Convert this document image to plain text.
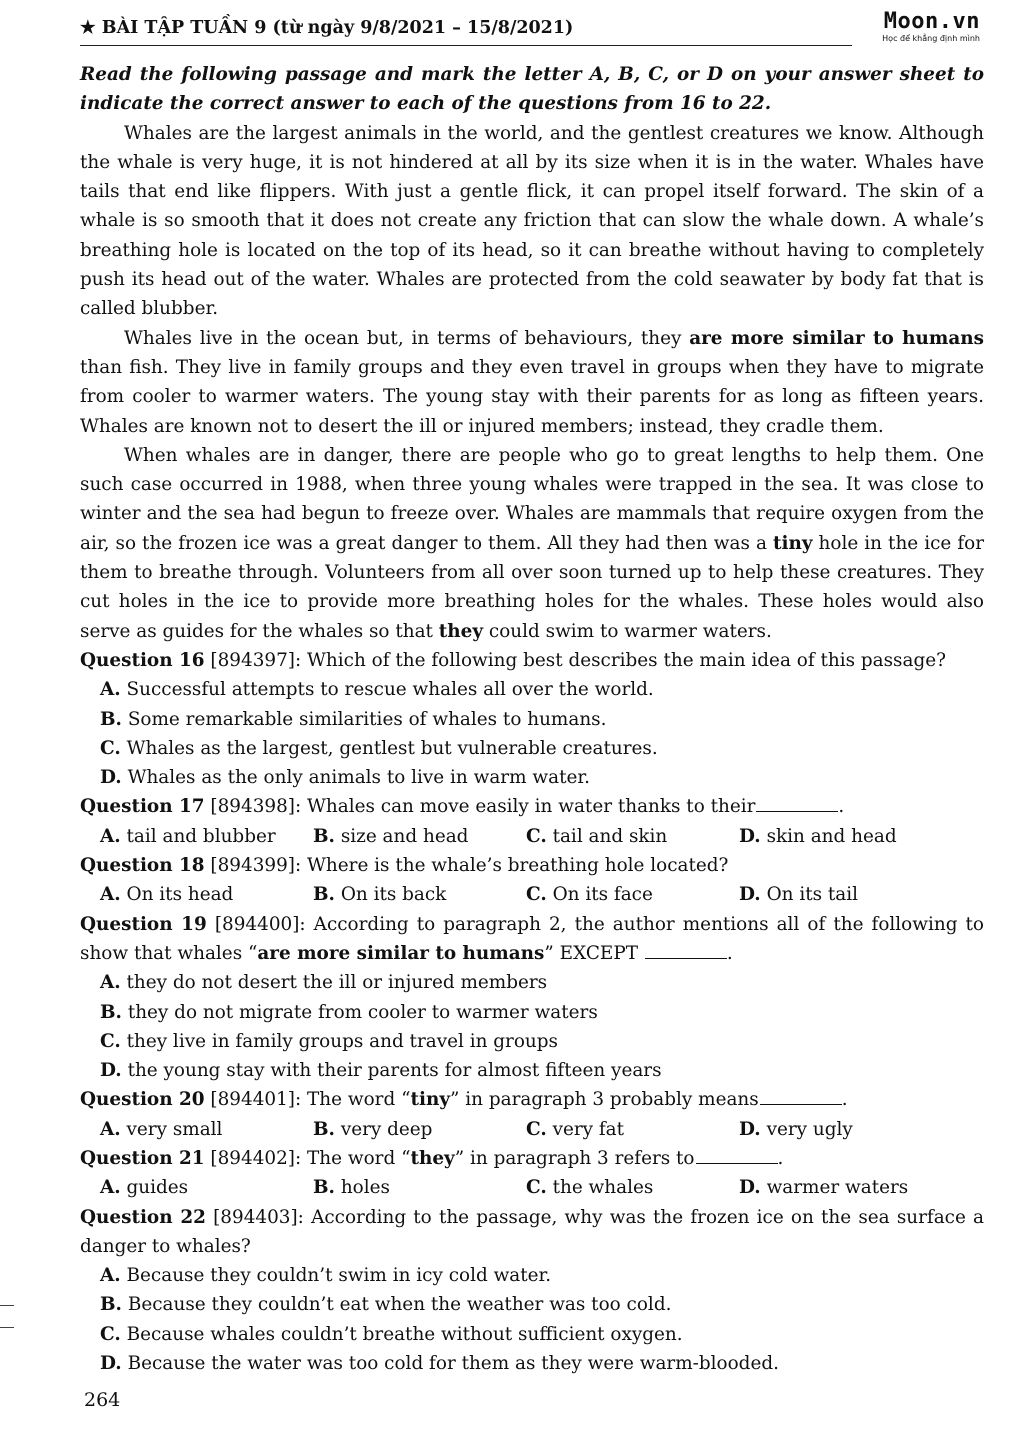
★ BÀI TẬP TUẦN 9 (từ ngày 9/8/2021 – 15/8/2021)	Moon.vn
Học để khẳng định mình

Read the following passage and mark the letter A, B, C, or D on your answer sheet to indicate the correct answer to each of the questions from 16 to 22.

Whales are the largest animals in the world, and the gentlest creatures we know. Although the whale is very huge, it is not hindered at all by its size when it is in the water. Whales have tails that end like flippers. With just a gentle flick, it can propel itself forward. The skin of a whale is so smooth that it does not create any friction that can slow the whale down. A whale’s breathing hole is located on the top of its head, so it can breathe without having to completely push its head out of the water. Whales are protected from the cold seawater by body fat that is called blubber.

Whales live in the ocean but, in terms of behaviours, they are more similar to humans than fish. They live in family groups and they even travel in groups when they have to migrate from cooler to warmer waters. The young stay with their parents for as long as fifteen years. Whales are known not to desert the ill or injured members; instead, they cradle them.

When whales are in danger, there are people who go to great lengths to help them. One such case occurred in 1988, when three young whales were trapped in the sea. It was close to winter and the sea had begun to freeze over. Whales are mammals that require oxygen from the air, so the frozen ice was a great danger to them. All they had then was a tiny hole in the ice for them to breathe through. Volunteers from all over soon turned up to help these creatures. They cut holes in the ice to provide more breathing holes for the whales. These holes would also serve as guides for the whales so that they could swim to warmer waters.

Question 16 [894397]: Which of the following best describes the main idea of this passage?

A. Successful attempts to rescue whales all over the world.

B. Some remarkable similarities of whales to humans.

C. Whales as the largest, gentlest but vulnerable creatures.

D. Whales as the only animals to live in warm water.

Question 17 [894398]: Whales can move easily in water thanks to their	.

A. tail and blubber	B. size and head	C. tail and skin	D. skin and head

Question 18 [894399]: Where is the whale’s breathing hole located?

A. On its head	B. On its back	C. On its face	D. On its tail

Question 19 [894400]: According to paragraph 2, the author mentions all of the following to show that whales “are more similar to humans” EXCEPT	.

A. they do not desert the ill or injured members

B. they do not migrate from cooler to warmer waters

C. they live in family groups and travel in groups

D. the young stay with their parents for almost fifteen years

Question 20 [894401]: The word “tiny” in paragraph 3 probably means	.

A. very small	B. very deep	C. very fat	D. very ugly

Question 21 [894402]: The word “they” in paragraph 3 refers to	.

A. guides	B. holes	C. the whales	D. warmer waters

Question 22 [894403]: According to the passage, why was the frozen ice on the sea surface a danger to whales?

A. Because they couldn’t swim in icy cold water.

B. Because they couldn’t eat when the weather was too cold.

C. Because whales couldn’t breathe without sufficient oxygen.

D. Because the water was too cold for them as they were warm-blooded.

264
